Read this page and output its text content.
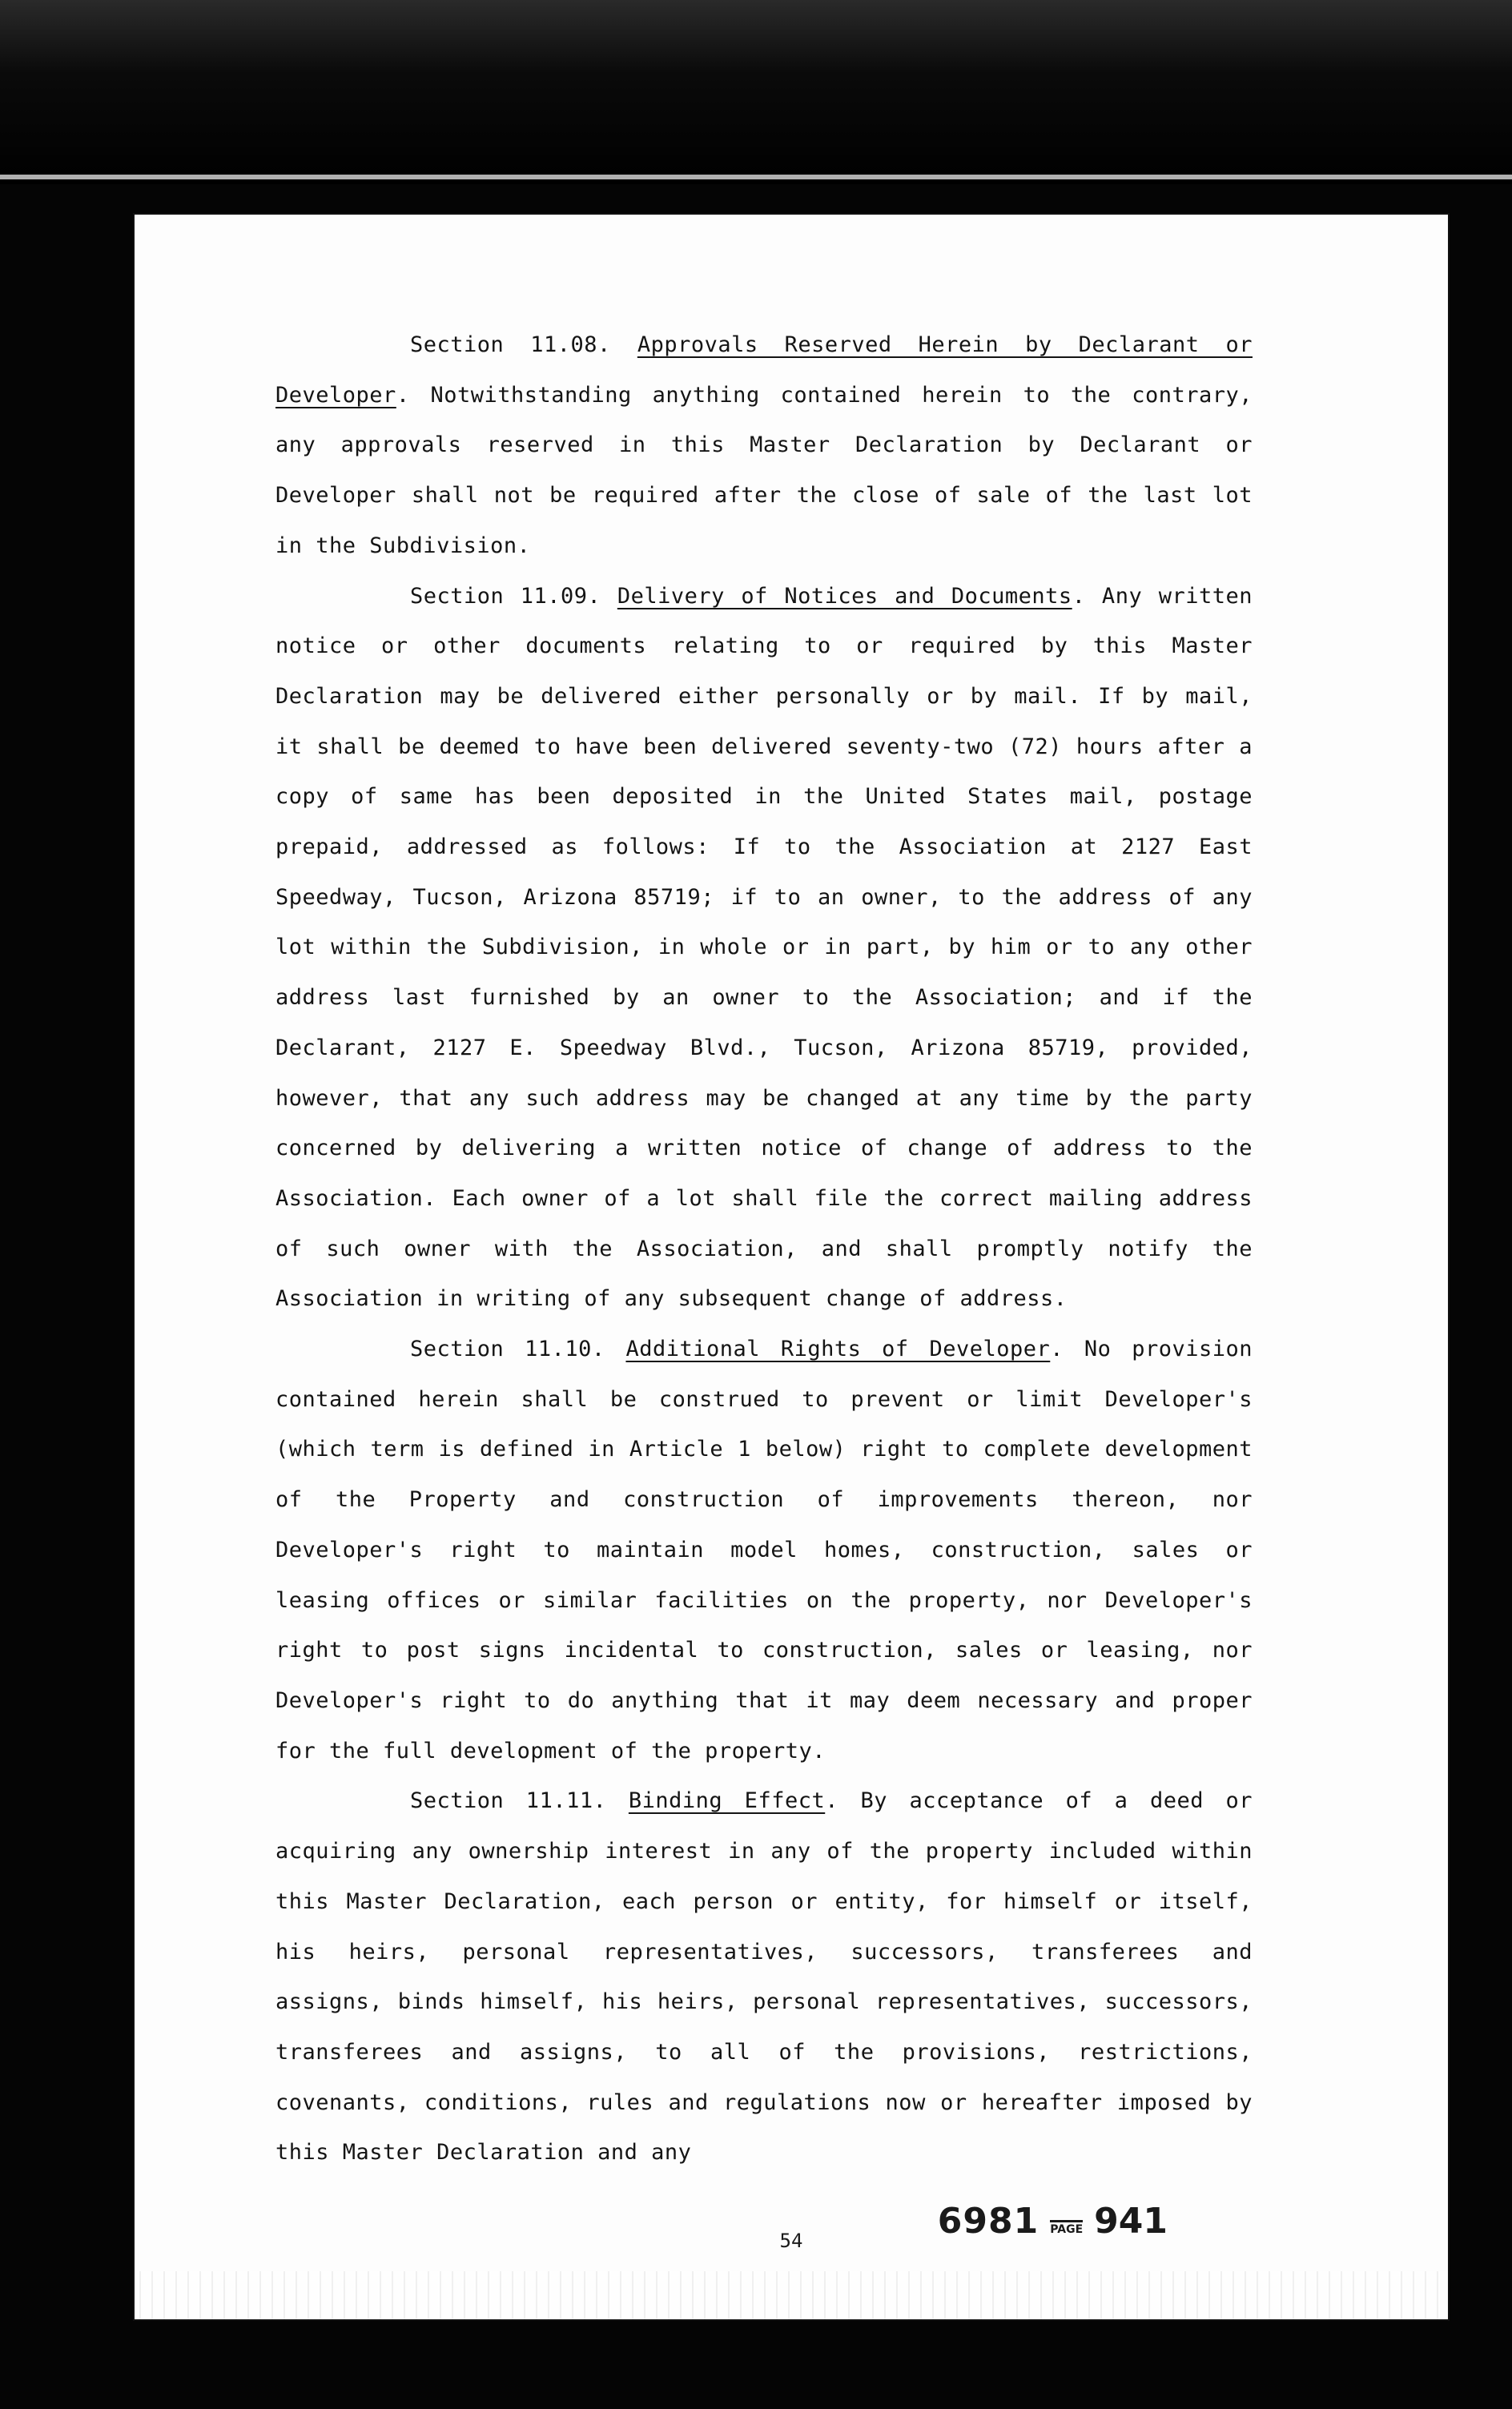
Section 11.08. Approvals Reserved Herein by Declarant or Developer. Notwithstanding anything contained herein to the contrary, any approvals reserved in this Master Declaration by Declarant or Developer shall not be required after the close of sale of the last lot in the Subdivision.

Section 11.09. Delivery of Notices and Documents. Any written notice or other documents relating to or required by this Master Declaration may be delivered either personally or by mail. If by mail, it shall be deemed to have been delivered seventy-two (72) hours after a copy of same has been deposited in the United States mail, postage prepaid, addressed as follows: If to the Association at 2127 East Speedway, Tucson, Arizona 85719; if to an owner, to the address of any lot within the Subdivision, in whole or in part, by him or to any other address last furnished by an owner to the Association; and if the Declarant, 2127 E. Speedway Blvd., Tucson, Arizona 85719, provided, however, that any such address may be changed at any time by the party concerned by delivering a written notice of change of address to the Association. Each owner of a lot shall file the correct mailing address of such owner with the Association, and shall promptly notify the Association in writing of any subsequent change of address.

Section 11.10. Additional Rights of Developer. No provision contained herein shall be construed to prevent or limit Developer's (which term is defined in Article 1 below) right to complete development of the Property and construction of improvements thereon, nor Developer's right to maintain model homes, construction, sales or leasing offices or similar facilities on the property, nor Developer's right to post signs incidental to construction, sales or leasing, nor Developer's right to do anything that it may deem necessary and proper for the full development of the property.

Section 11.11. Binding Effect. By acceptance of a deed or acquiring any ownership interest in any of the property included within this Master Declaration, each person or entity, for himself or itself, his heirs, personal representatives, successors, transferees and assigns, binds himself, his heirs, personal representatives, successors, transferees and assigns, to all of the provisions, restrictions, covenants, conditions, rules and regulations now or hereafter imposed by this Master Declaration and any

6981 PAGE 941
54
